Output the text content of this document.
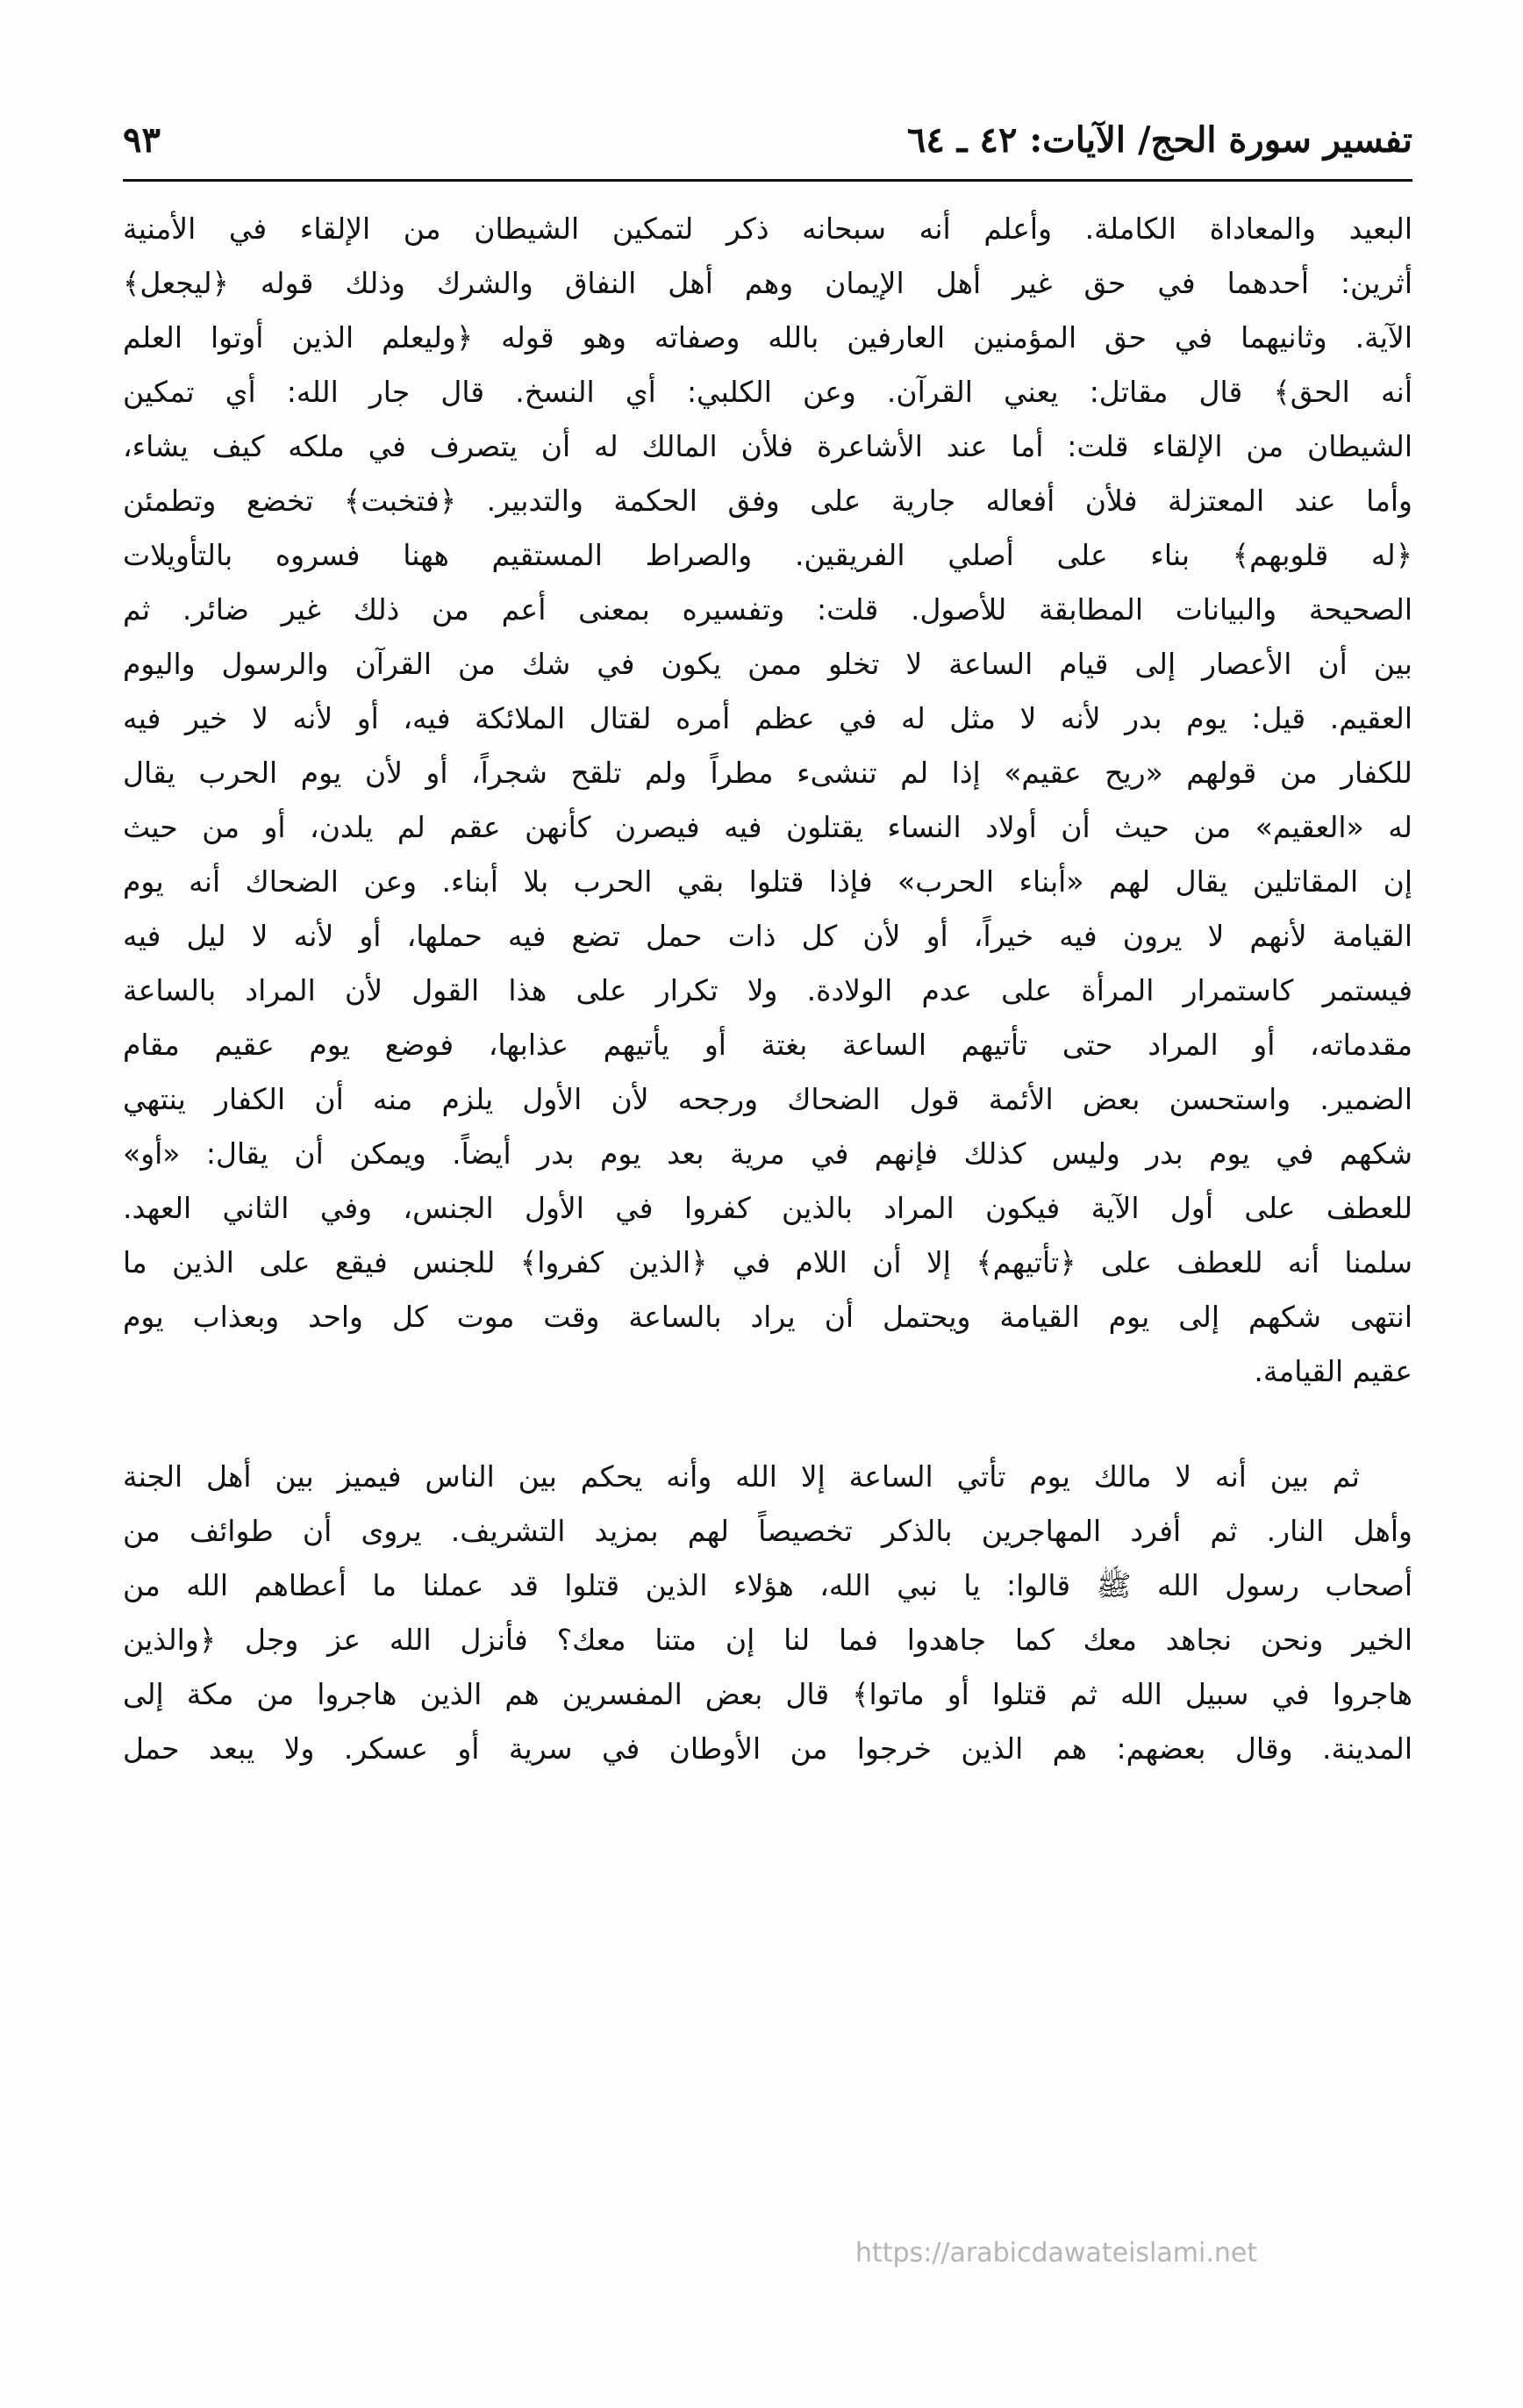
تفسير سورة الحج/ الآيات: ٤٢ ـ ٦٤
٩٣
البعيد والمعاداة الكاملة. وأعلم أنه سبحانه ذكر لتمكين الشيطان من الإلقاء في الأمنية
أثرين: أحدهما في حق غير أهل الإيمان وهم أهل النفاق والشرك وذلك قوله ﴿ليجعل﴾
الآية. وثانيهما في حق المؤمنين العارفين بالله وصفاته وهو قوله ﴿وليعلم الذين أوتوا العلم
أنه الحق﴾ قال مقاتل: يعني القرآن. وعن الكلبي: أي النسخ. قال جار الله: أي تمكين
الشيطان من الإلقاء قلت: أما عند الأشاعرة فلأن المالك له أن يتصرف في ملكه كيف يشاء،
وأما عند المعتزلة فلأن أفعاله جارية على وفق الحكمة والتدبير. ﴿فتخبت﴾ تخضع وتطمئن
﴿له قلوبهم﴾ بناء على أصلي الفريقين. والصراط المستقيم ههنا فسروه بالتأويلات
الصحيحة والبيانات المطابقة للأصول. قلت: وتفسيره بمعنى أعم من ذلك غير ضائر. ثم
بين أن الأعصار إلى قيام الساعة لا تخلو ممن يكون في شك من القرآن والرسول واليوم
العقيم. قيل: يوم بدر لأنه لا مثل له في عظم أمره لقتال الملائكة فيه، أو لأنه لا خير فيه
للكفار من قولهم «ريح عقيم» إذا لم تنشىء مطراً ولم تلقح شجراً، أو لأن يوم الحرب يقال
له «العقيم» من حيث أن أولاد النساء يقتلون فيه فيصرن كأنهن عقم لم يلدن، أو من حيث
إن المقاتلين يقال لهم «أبناء الحرب» فإذا قتلوا بقي الحرب بلا أبناء. وعن الضحاك أنه يوم
القيامة لأنهم لا يرون فيه خيراً، أو لأن كل ذات حمل تضع فيه حملها، أو لأنه لا ليل فيه
فيستمر كاستمرار المرأة على عدم الولادة. ولا تكرار على هذا القول لأن المراد بالساعة
مقدماته، أو المراد حتى تأتيهم الساعة بغتة أو يأتيهم عذابها، فوضع يوم عقيم مقام
الضمير. واستحسن بعض الأئمة قول الضحاك ورجحه لأن الأول يلزم منه أن الكفار ينتهي
شكهم في يوم بدر وليس كذلك فإنهم في مرية بعد يوم بدر أيضاً. ويمكن أن يقال: «أو»
للعطف على أول الآية فيكون المراد بالذين كفروا في الأول الجنس، وفي الثاني العهد.
سلمنا أنه للعطف على ﴿تأتيهم﴾ إلا أن اللام في ﴿الذين كفروا﴾ للجنس فيقع على الذين ما
انتهى شكهم إلى يوم القيامة ويحتمل أن يراد بالساعة وقت موت كل واحد وبعذاب يوم
عقيم القيامة.
ثم بين أنه لا مالك يوم تأتي الساعة إلا الله وأنه يحكم بين الناس فيميز بين أهل الجنة
وأهل النار. ثم أفرد المهاجرين بالذكر تخصيصاً لهم بمزيد التشريف. يروى أن طوائف من
أصحاب رسول الله ﷺ قالوا: يا نبي الله، هؤلاء الذين قتلوا قد عملنا ما أعطاهم الله من
الخير ونحن نجاهد معك كما جاهدوا فما لنا إن متنا معك؟ فأنزل الله عز وجل ﴿والذين
هاجروا في سبيل الله ثم قتلوا أو ماتوا﴾ قال بعض المفسرين هم الذين هاجروا من مكة إلى
المدينة. وقال بعضهم: هم الذين خرجوا من الأوطان في سرية أو عسكر. ولا يبعد حمل
https://arabicdawateislami.net
